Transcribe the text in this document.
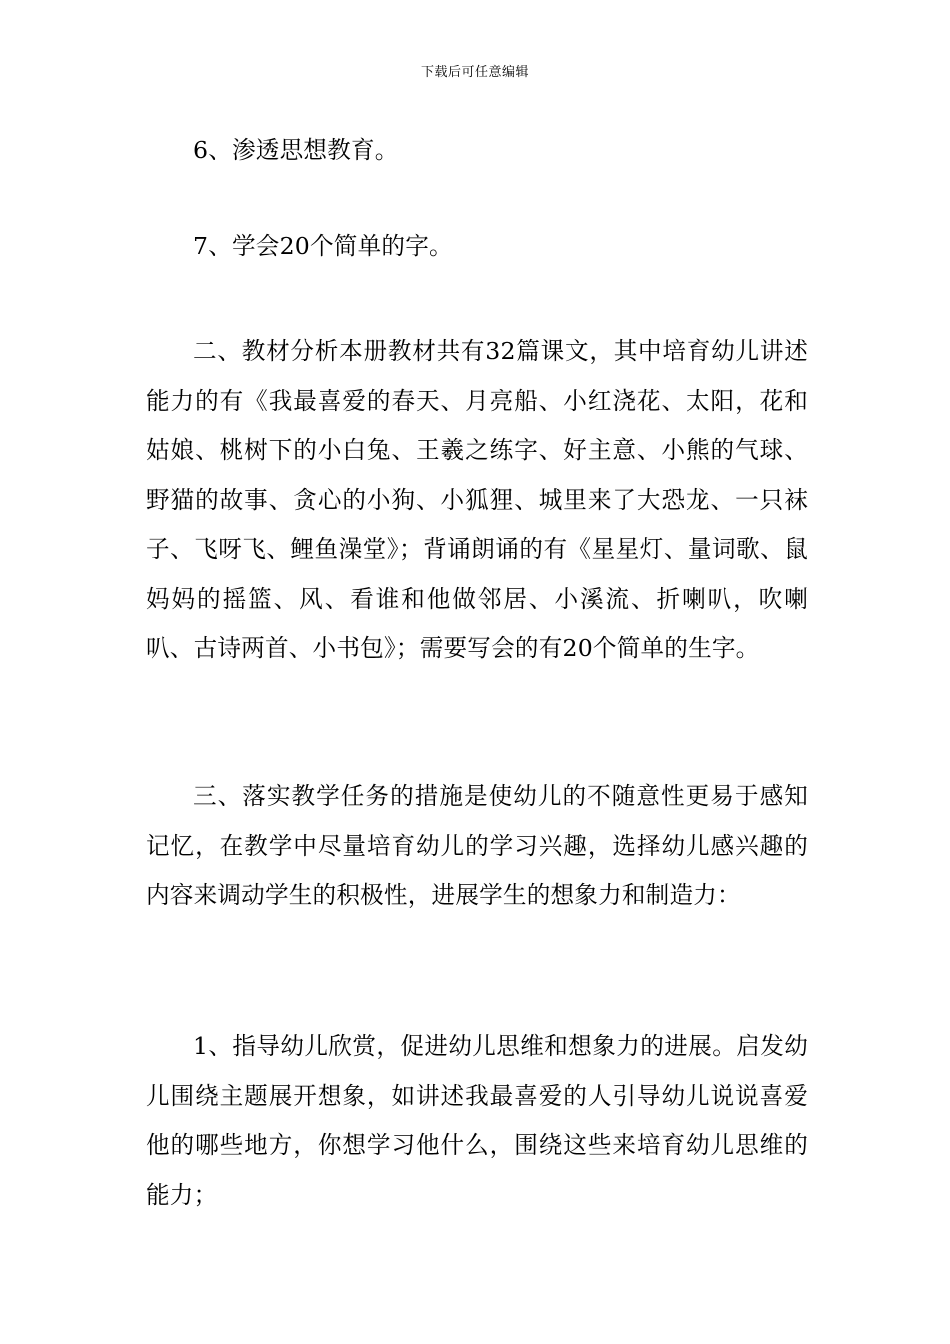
下载后可任意编辑

6、渗透思想教育。

7、学会20个简单的字。

二、教材分析本册教材共有32篇课文，其中培育幼儿讲述能力的有《我最喜爱的春天、月亮船、小红浇花、太阳，花和姑娘、桃树下的小白兔、王羲之练字、好主意、小熊的气球、野猫的故事、贪心的小狗、小狐狸、城里来了大恐龙、一只袜子、飞呀飞、鲤鱼澡堂》；背诵朗诵的有《星星灯、量词歌、鼠妈妈的摇篮、风、看谁和他做邻居、小溪流、折喇叭，吹喇叭、古诗两首、小书包》；需要写会的有20个简单的生字。

三、落实教学任务的措施是使幼儿的不随意性更易于感知记忆，在教学中尽量培育幼儿的学习兴趣，选择幼儿感兴趣的内容来调动学生的积极性，进展学生的想象力和制造力：

1、指导幼儿欣赏，促进幼儿思维和想象力的进展。启发幼儿围绕主题展开想象，如讲述我最喜爱的人引导幼儿说说喜爱他的哪些地方，你想学习他什么，围绕这些来培育幼儿思维的能力；
